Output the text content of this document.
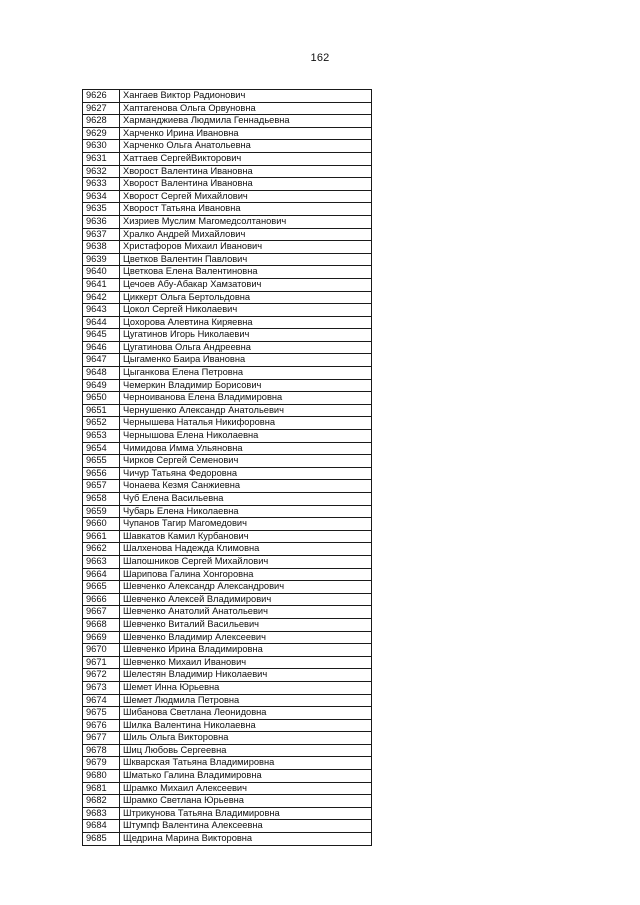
162
9626	Хангаев Виктор Радионович
9627	Хаптагенова Ольга Орвуновна
9628	Харманджиева Людмила Геннадьевна
9629	Харченко Ирина Ивановна
9630	Харченко Ольга Анатольевна
9631	Хаттаев СергейВикторович
9632	Хворост Валентина Ивановна
9633	Хворост Валентина Ивановна
9634	Хворост Сергей Михайлович
9635	Хворост Татьяна Ивановна
9636	Хизриев Муслим Магомедсолтанович
9637	Хралко Андрей Михайлович
9638	Христафоров Михаил Иванович
9639	Цветков Валентин Павлович
9640	Цветкова Елена Валентиновна
9641	Цечоев Абу-Абакар Хамзатович
9642	Циккерт Ольга Бертольдовна
9643	Цокол Сергей Николаевич
9644	Цохорова Алевтина Киряевна
9645	Цугатинов Игорь Николаевич
9646	Цугатинова Ольга Андреевна
9647	Цыгаменко Баира Ивановна
9648	Цыганкова Елена Петровна
9649	Чемеркин Владимир Борисович
9650	Черноиванова Елена Владимировна
9651	Чернушенко Александр Анатольевич
9652	Чернышева Наталья Никифоровна
9653	Чернышова Елена Николаевна
9654	Чимидова Имма Ульяновна
9655	Чирков Сергей Семенович
9656	Чичур Татьяна Федоровна
9657	Чонаева Кезмя Санжиевна
9658	Чуб Елена Васильевна
9659	Чубарь Елена Николаевна
9660	Чупанов Тагир Магомедович
9661	Шавкатов Камил Курбанович
9662	Шалхенова Надежда Климовна
9663	Шапошников Сергей Михайлович
9664	Шарипова Галина Хонгоровна
9665	Шевченко Александр Александрович
9666	Шевченко Алексей Владимирович
9667	Шевченко Анатолий Анатольевич
9668	Шевченко Виталий Васильевич
9669	Шевченко Владимир Алексеевич
9670	Шевченко Ирина Владимировна
9671	Шевченко Михаил Иванович
9672	Шелестян Владимир Николаевич
9673	Шемет Инна Юрьевна
9674	Шемет Людмила Петровна
9675	Шибанова Светлана Леонидовна
9676	Шилка Валентина Николаевна
9677	Шиль Ольга Викторовна
9678	Шиц Любовь Сергеевна
9679	Шкварская Татьяна Владимировна
9680	Шматько Галина Владимировна
9681	Шрамко Михаил Алексеевич
9682	Шрамко Светлана Юрьевна
9683	Штрикунова Татьяна Владимировна
9684	Штумпф Валентина Алексеевна
9685	Щедрина Марина Викторовна
